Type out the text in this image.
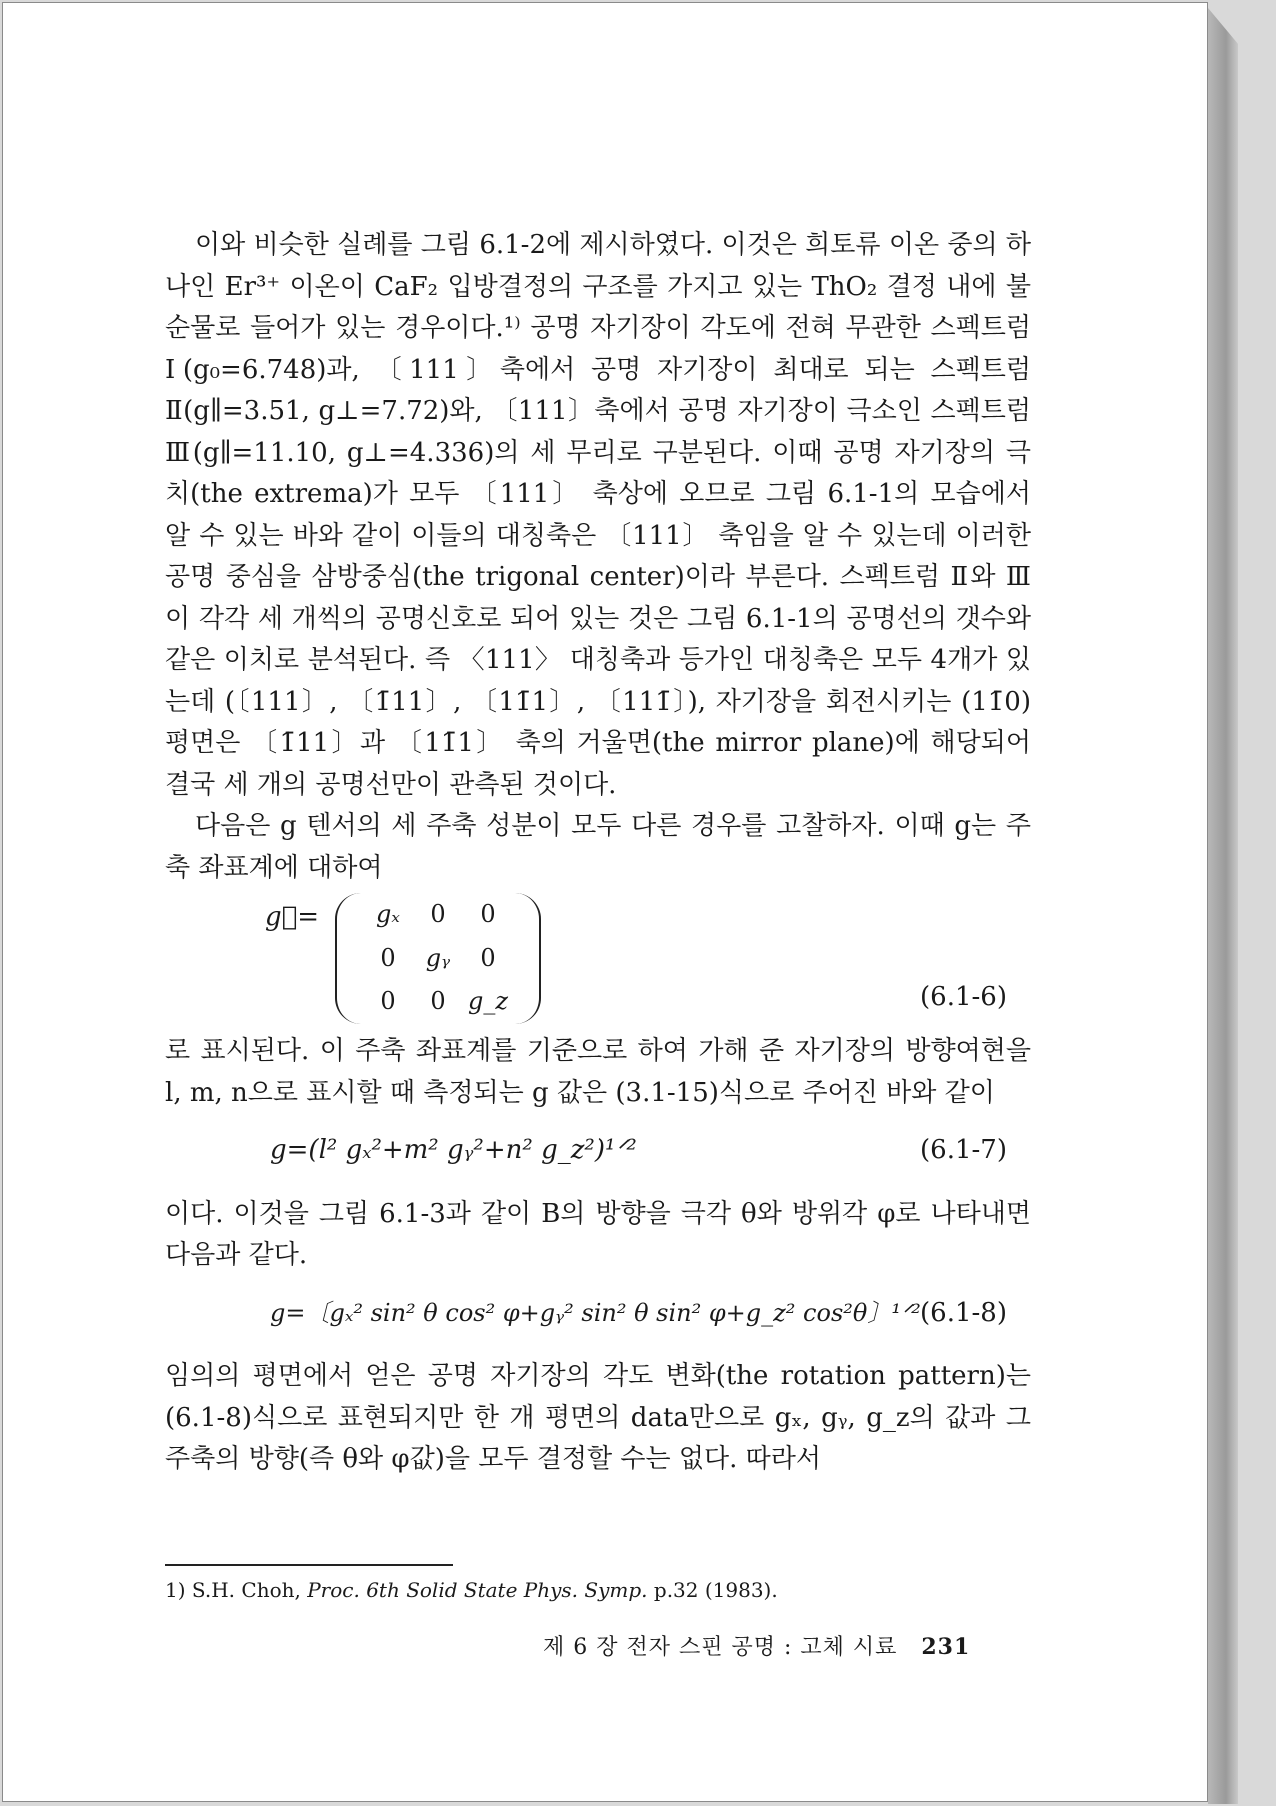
이와 비슷한 실례를 그림 6.1-2에 제시하였다. 이것은 희토류 이온 중의 하나인 Er³⁺ 이온이 CaF₂ 입방결정의 구조를 가지고 있는 ThO₂ 결정 내에 불순물로 들어가 있는 경우이다.¹⁾ 공명 자기장이 각도에 전혀 무관한 스펙트럼 Ⅰ(g₀=6.748)과, 〔111〕축에서 공명 자기장이 최대로 되는 스펙트럼 Ⅱ(g∥=3.51, g⊥=7.72)와, 〔111〕축에서 공명 자기장이 극소인 스펙트럼 Ⅲ(g∥=11.10, g⊥=4.336)의 세 무리로 구분된다. 이때 공명 자기장의 극치(the extrema)가 모두 〔111〕 축상에 오므로 그림 6.1-1의 모습에서 알 수 있는 바와 같이 이들의 대칭축은 〔111〕 축임을 알 수 있는데 이러한 공명 중심을 삼방중심(the trigonal center)이라 부른다. 스펙트럼 Ⅱ와 Ⅲ이 각각 세 개씩의 공명신호로 되어 있는 것은 그림 6.1-1의 공명선의 갯수와 같은 이치로 분석된다. 즉 〈111〉 대칭축과 등가인 대칭축은 모두 4개가 있는데 (〔111〕, 〔1̄11〕, 〔11̄1〕, 〔111̄〕), 자기장을 회전시키는 (11̄0) 평면은 〔1̄11〕과 〔11̄1〕 축의 거울면(the mirror plane)에 해당되어 결국 세 개의 공명선만이 관측된 것이다.

다음은 g 텐서의 세 주축 성분이 모두 다른 경우를 고찰하자. 이때 g는 주축 좌표계에 대하여

g⃡= gₓ	0	0
0	gᵧ	0
0	0	g_z	(6.1-6)

로 표시된다. 이 주축 좌표계를 기준으로 하여 가해 준 자기장의 방향여현을 l, m, n으로 표시할 때 측정되는 g 값은 (3.1-15)식으로 주어진 바와 같이

g=(l² gₓ²+m² gᵧ²+n² g_z²)¹ᐟ²	(6.1-7)

이다. 이것을 그림 6.1-3과 같이 B의 방향을 극각 θ와 방위각 φ로 나타내면 다음과 같다.

g=〔gₓ² sin² θ cos² φ+gᵧ² sin² θ sin² φ+g_z² cos²θ〕¹ᐟ² (6.1-8)

임의의 평면에서 얻은 공명 자기장의 각도 변화(the rotation pattern)는 (6.1-8)식으로 표현되지만 한 개 평면의 data만으로 gₓ, gᵧ, g_z의 값과 그 주축의 방향(즉 θ와 φ값)을 모두 결정할 수는 없다. 따라서

1) S.H. Choh, Proc. 6th Solid State Phys. Symp. p.32 (1983).
제 6 장 전자 스핀 공명 : 고체 시료 231
